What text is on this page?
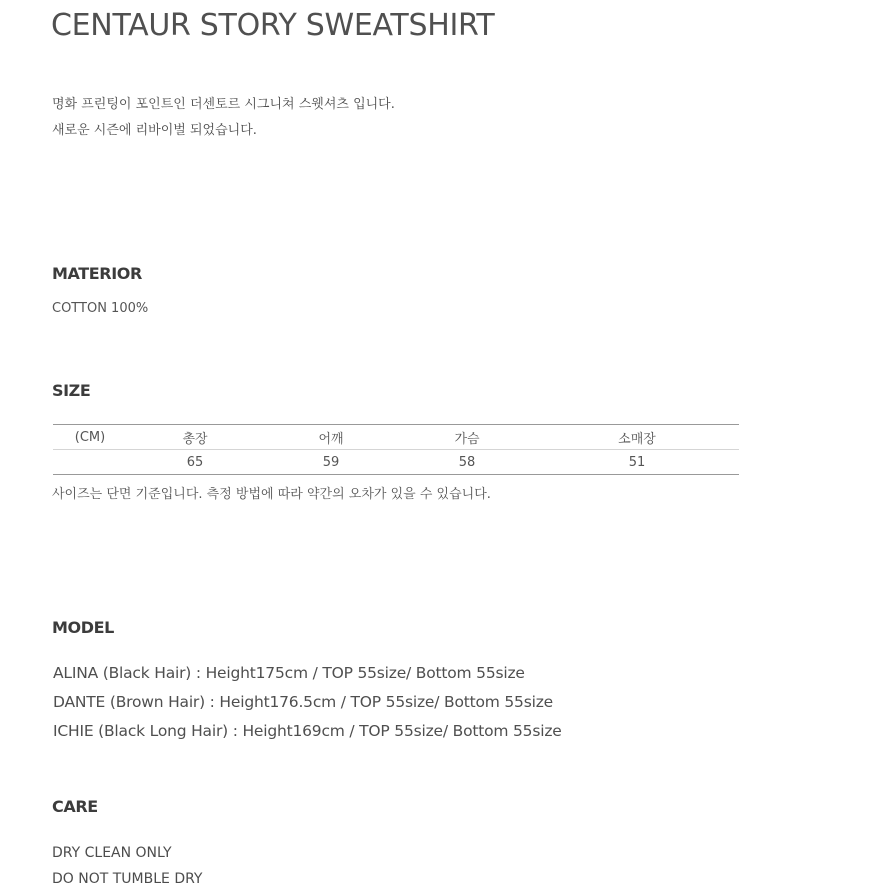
CENTAUR STORY SWEATSHIRT
명화 프린팅이 포인트인 더센토르 시그니쳐 스웻셔츠 입니다.
새로운 시즌에 리바이벌 되었습니다.
MATERIOR
COTTON 100%
SIZE
(CM)	총장	어깨	가슴	소매장
	65	59	58	51
사이즈는 단면 기준입니다. 측정 방법에 따라 약간의 오차가 있을 수 있습니다.
MODEL
ALINA (Black Hair) : Height175cm / TOP 55size/ Bottom 55size
DANTE (Brown Hair) : Height176.5cm / TOP 55size/ Bottom 55size
ICHIE (Black Long Hair) : Height169cm / TOP 55size/ Bottom 55size
CARE
DRY CLEAN ONLY
DO NOT TUMBLE DRY
